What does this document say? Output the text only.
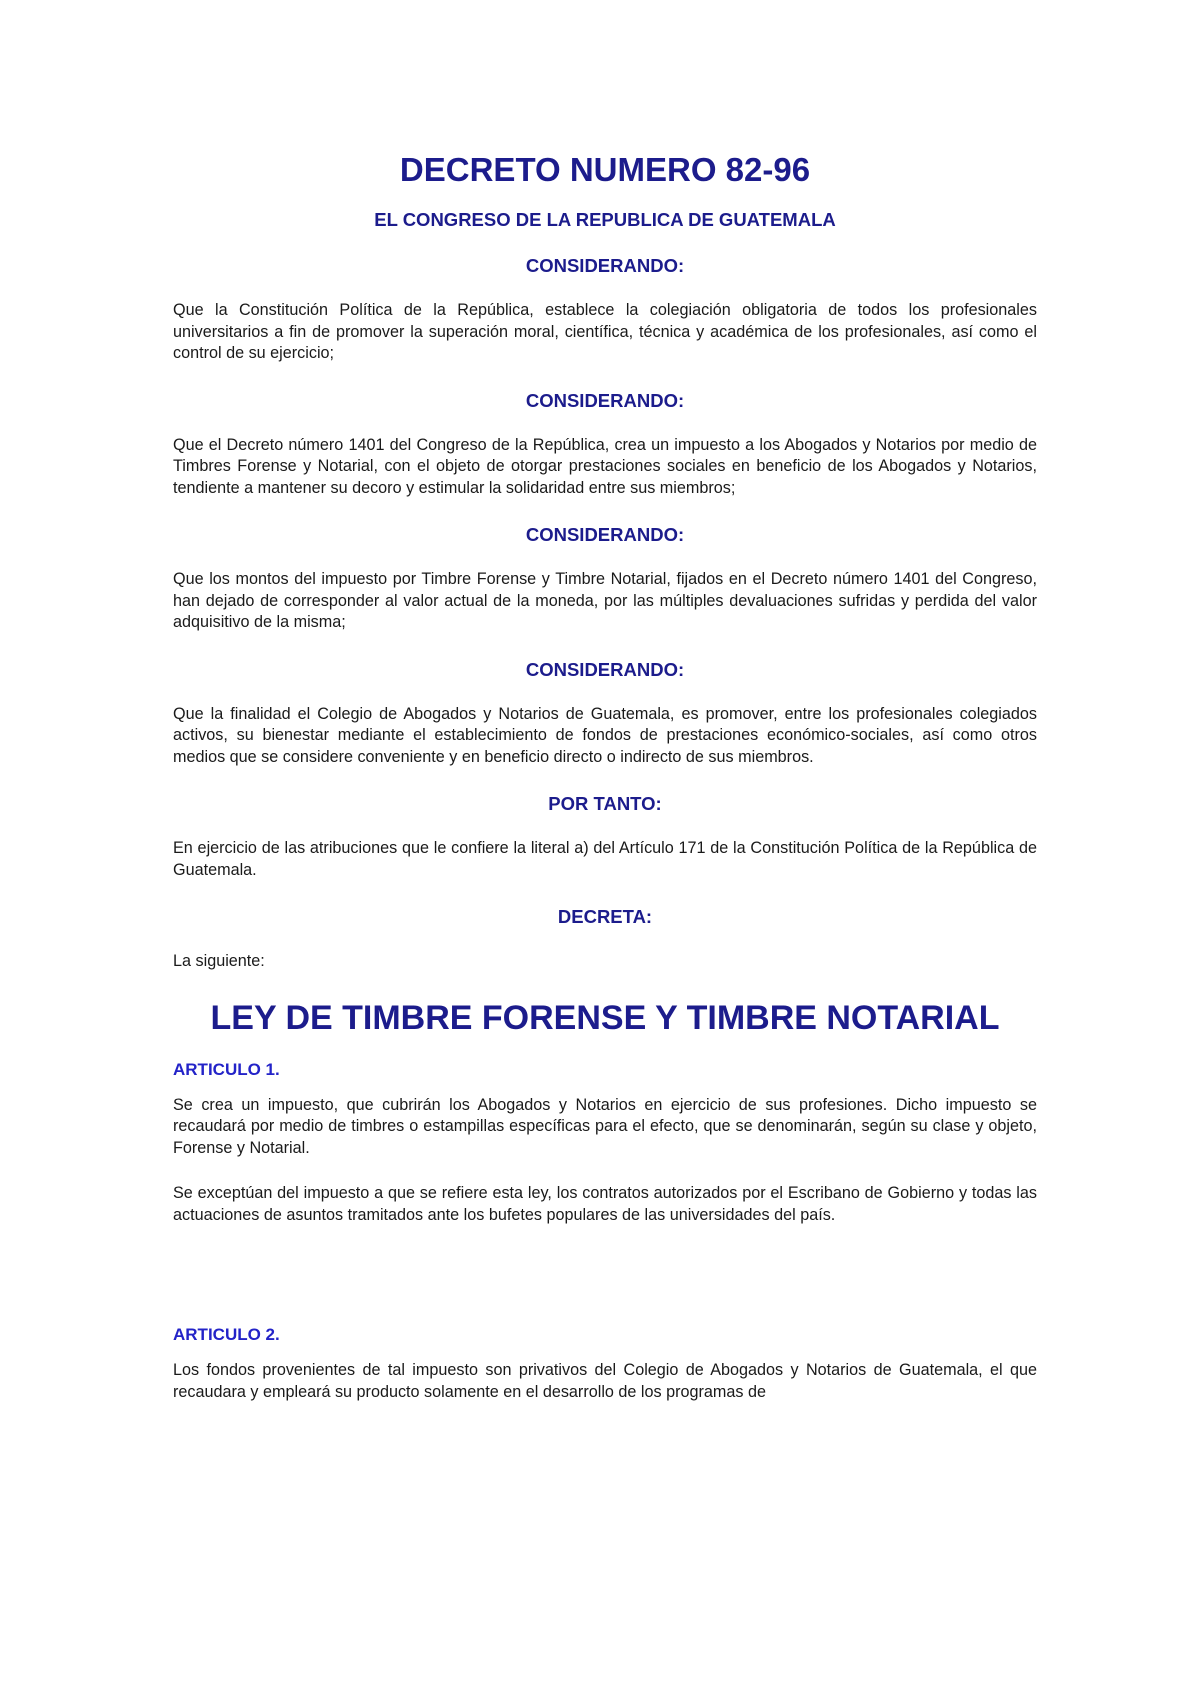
DECRETO NUMERO 82-96
EL CONGRESO DE LA REPUBLICA DE GUATEMALA
CONSIDERANDO:
Que la Constitución Política de la República, establece la colegiación obligatoria de todos los profesionales universitarios a fin de promover la superación moral, científica, técnica y académica de los profesionales, así como el control de su ejercicio;
CONSIDERANDO:
Que el Decreto número 1401 del Congreso de la República, crea un impuesto a los Abogados y Notarios por medio de Timbres Forense y Notarial, con el objeto de otorgar prestaciones sociales en beneficio de los Abogados y Notarios, tendiente a mantener su decoro y estimular la solidaridad entre sus miembros;
CONSIDERANDO:
Que los montos del impuesto por Timbre Forense y Timbre Notarial, fijados en el Decreto número 1401 del Congreso, han dejado de corresponder al valor actual de la moneda, por las múltiples devaluaciones sufridas y perdida del valor adquisitivo de la misma;
CONSIDERANDO:
Que la finalidad el Colegio de Abogados y Notarios de Guatemala, es promover, entre los profesionales colegiados activos, su bienestar mediante el establecimiento de fondos de prestaciones económico-sociales, así como otros medios que se considere conveniente y en beneficio directo o indirecto de sus miembros.
POR TANTO:
En ejercicio de las atribuciones que le confiere la literal a) del Artículo 171 de la Constitución Política de la República de Guatemala.
DECRETA:
La siguiente:
LEY DE TIMBRE FORENSE Y TIMBRE NOTARIAL
ARTICULO 1.
Se crea un impuesto, que cubrirán los Abogados y Notarios en ejercicio de sus profesiones. Dicho impuesto se recaudará por medio de timbres o estampillas específicas para el efecto, que se denominarán, según su clase y objeto, Forense y Notarial.
Se exceptúan del impuesto a que se refiere esta ley, los contratos autorizados por el Escribano de Gobierno y todas las actuaciones de asuntos tramitados ante los bufetes populares de las universidades del país.
ARTICULO 2.
Los fondos provenientes de tal impuesto son privativos del Colegio de Abogados y Notarios de Guatemala, el que recaudara y empleará su producto solamente en el desarrollo de los programas de
